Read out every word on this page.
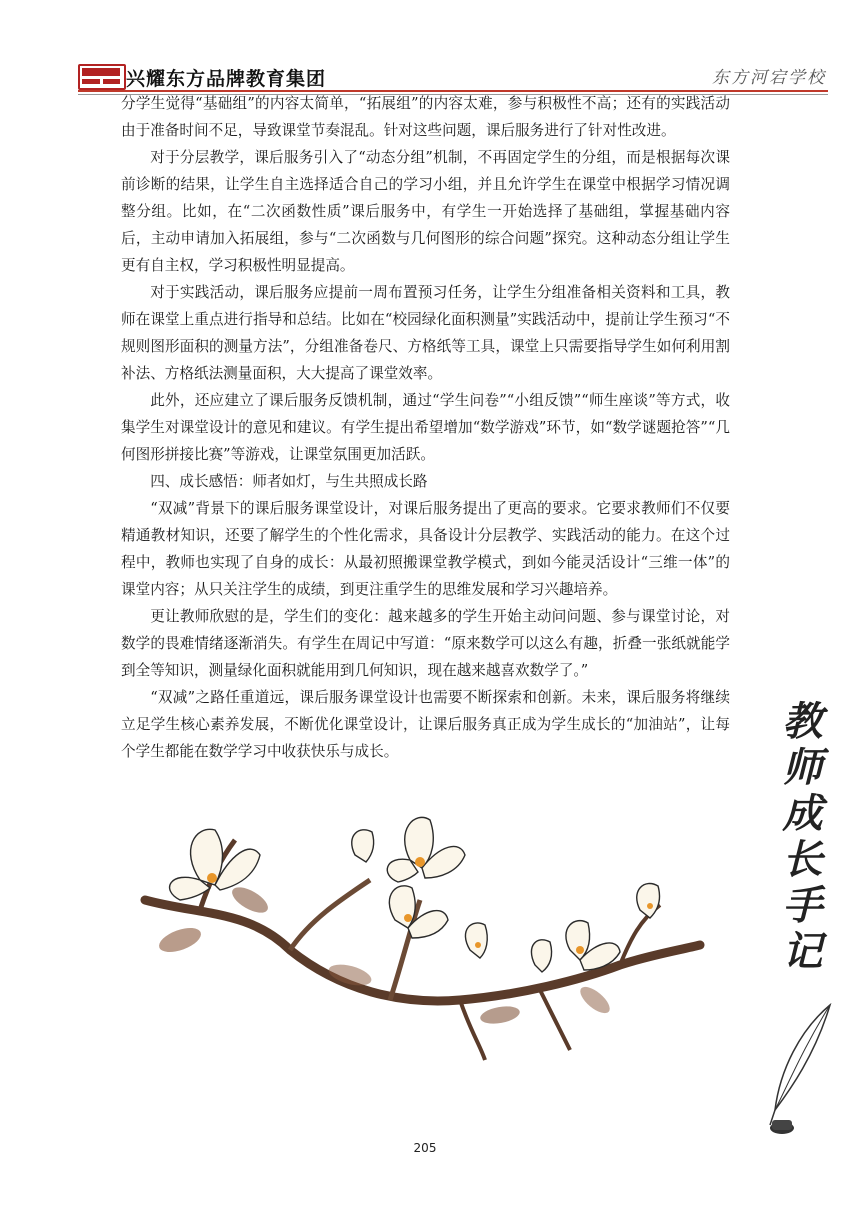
兴耀东方品牌教育集团	东方河宕学校

分学生觉得“基础组”的内容太简单，“拓展组”的内容太难，参与积极性不高；还有的实践活动由于准备时间不足，导致课堂节奏混乱。针对这些问题，课后服务进行了针对性改进。

对于分层教学，课后服务引入了“动态分组”机制，不再固定学生的分组，而是根据每次课前诊断的结果，让学生自主选择适合自己的学习小组，并且允许学生在课堂中根据学习情况调整分组。比如，在“二次函数性质”课后服务中，有学生一开始选择了基础组，掌握基础内容后，主动申请加入拓展组，参与“二次函数与几何图形的综合问题”探究。这种动态分组让学生更有自主权，学习积极性明显提高。

对于实践活动，课后服务应提前一周布置预习任务，让学生分组准备相关资料和工具，教师在课堂上重点进行指导和总结。比如在“校园绿化面积测量”实践活动中，提前让学生预习“不规则图形面积的测量方法”，分组准备卷尺、方格纸等工具，课堂上只需要指导学生如何利用割补法、方格纸法测量面积，大大提高了课堂效率。

此外，还应建立了课后服务反馈机制，通过“学生问卷”“小组反馈”“师生座谈”等方式，收集学生对课堂设计的意见和建议。有学生提出希望增加“数学游戏”环节，如“数学谜题抢答”“几何图形拼接比赛”等游戏，让课堂氛围更加活跃。

四、成长感悟：师者如灯，与生共照成长路

“双减”背景下的课后服务课堂设计，对课后服务提出了更高的要求。它要求教师们不仅要精通教材知识，还要了解学生的个性化需求，具备设计分层教学、实践活动的能力。在这个过程中，教师也实现了自身的成长：从最初照搬课堂教学模式，到如今能灵活设计“三维一体”的课堂内容；从只关注学生的成绩，到更注重学生的思维发展和学习兴趣培养。

更让教师欣慰的是，学生们的变化：越来越多的学生开始主动问问题、参与课堂讨论，对数学的畏难情绪逐渐消失。有学生在周记中写道：“原来数学可以这么有趣，折叠一张纸就能学到全等知识，测量绿化面积就能用到几何知识，现在越来越喜欢数学了。”

“双减”之路任重道远，课后服务课堂设计也需要不断探索和创新。未来，课后服务将继续立足学生核心素养发展，不断优化课堂设计，让课后服务真正成为学生成长的“加油站”，让每个学生都能在数学学习中收获快乐与成长。	教师成长手记
205
